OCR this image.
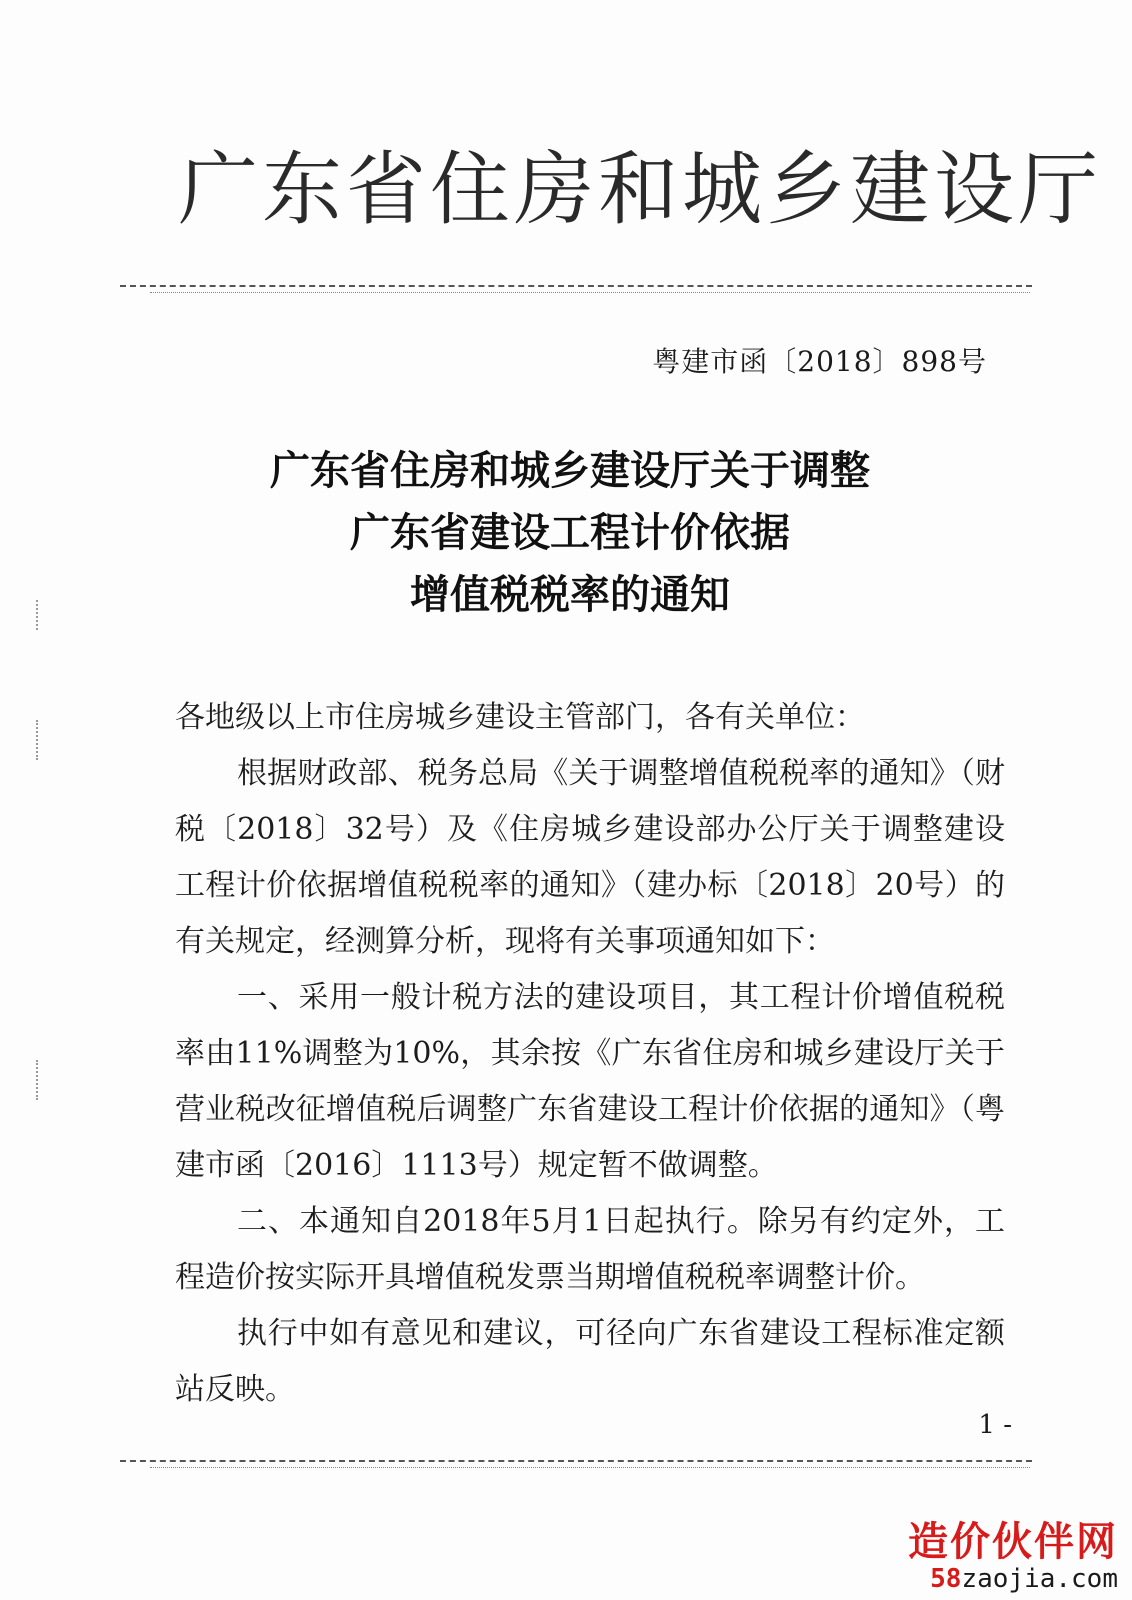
广东省住房和城乡建设厅
粤建市函〔2018〕898号
广东省住房和城乡建设厅关于调整
广东省建设工程计价依据
增值税税率的通知

各地级以上市住房城乡建设主管部门，各有关单位：

根据财政部、税务总局《关于调整增值税税率的通知》（财税〔2018〕32号）及《住房城乡建设部办公厅关于调整建设工程计价依据增值税税率的通知》（建办标〔2018〕20号）的有关规定，经测算分析，现将有关事项通知如下：

一、采用一般计税方法的建设项目，其工程计价增值税税率由11%调整为10%，其余按《广东省住房和城乡建设厅关于营业税改征增值税后调整广东省建设工程计价依据的通知》（粤建市函〔2016〕1113号）规定暂不做调整。

二、本通知自2018年5月1日起执行。除另有约定外，工程造价按实际开具增值税发票当期增值税税率调整计价。

执行中如有意见和建议，可径向广东省建设工程标准定额站反映。

1 -
造价伙伴网
58zaojia.com
